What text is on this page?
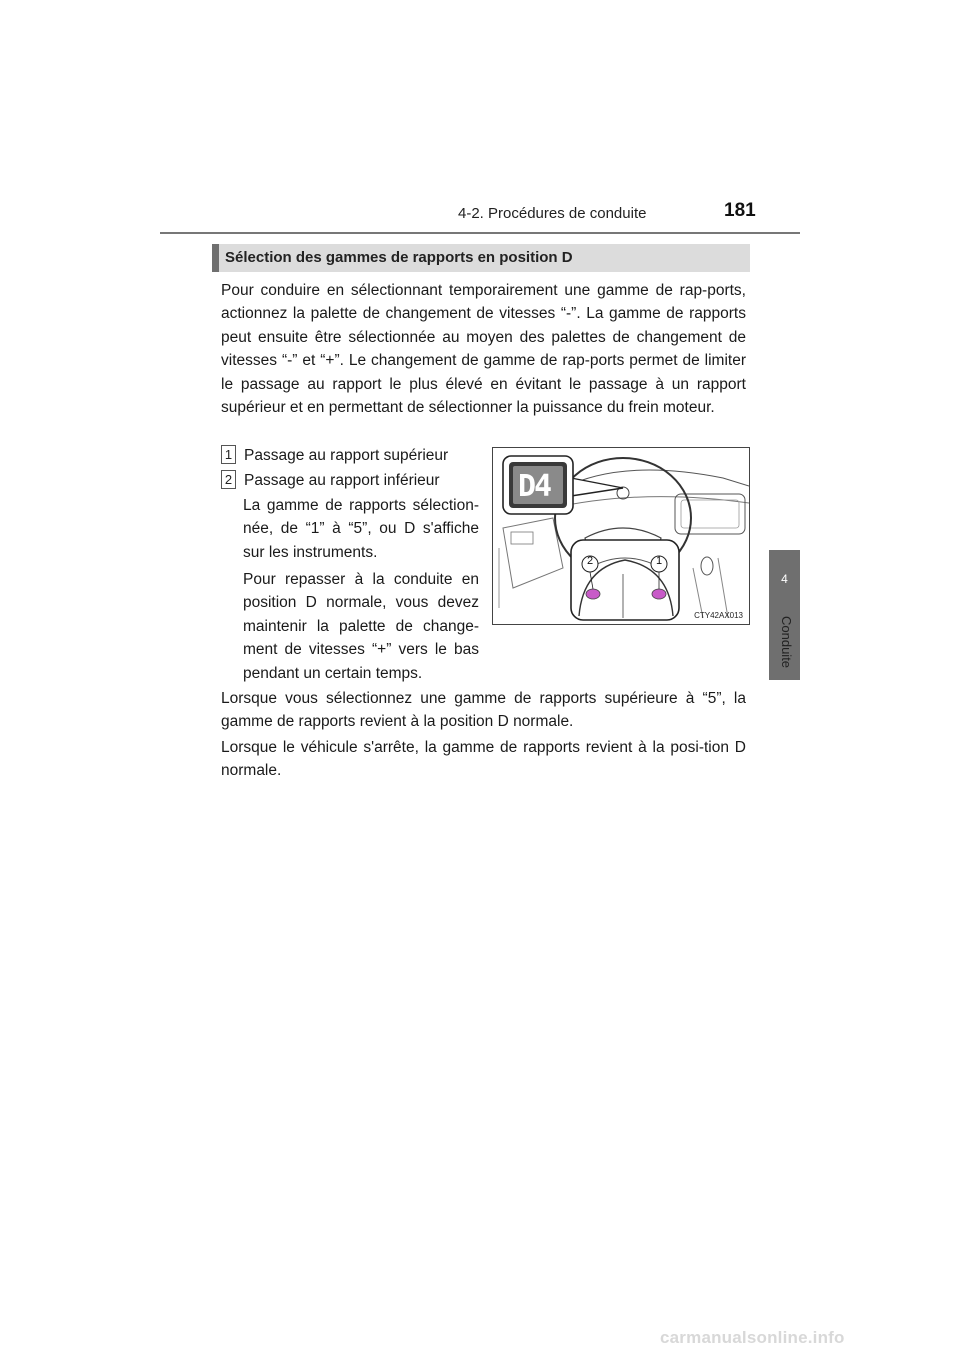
4-2. Procédures de conduite	181
4
Conduite
Sélection des gammes de rapports en position D
Pour conduire en sélectionnant temporairement une gamme de rap-ports, actionnez la palette de changement de vitesses “-”. La gamme de rapports peut ensuite être sélectionnée au moyen des palettes de changement de vitesses “-” et “+”. Le changement de gamme de rap-ports permet de limiter le passage au rapport le plus élevé en évitant le passage à un rapport supérieur et en permettant de sélectionner la puissance du frein moteur.
1 Passage au rapport supérieur
2 Passage au rapport inférieur
La gamme de rapports sélection-née, de “1” à “5”, ou D s'affiche sur les instruments.
Pour repasser à la conduite en position D normale, vous devez maintenir la palette de change-ment de vitesses “+” vers le bas pendant un certain temps.
D4
2	1
CTY42AX013
Lorsque vous sélectionnez une gamme de rapports supérieure à “5”, la gamme de rapports revient à la position D normale.
Lorsque le véhicule s'arrête, la gamme de rapports revient à la posi-tion D normale.
carmanualsonline.info
